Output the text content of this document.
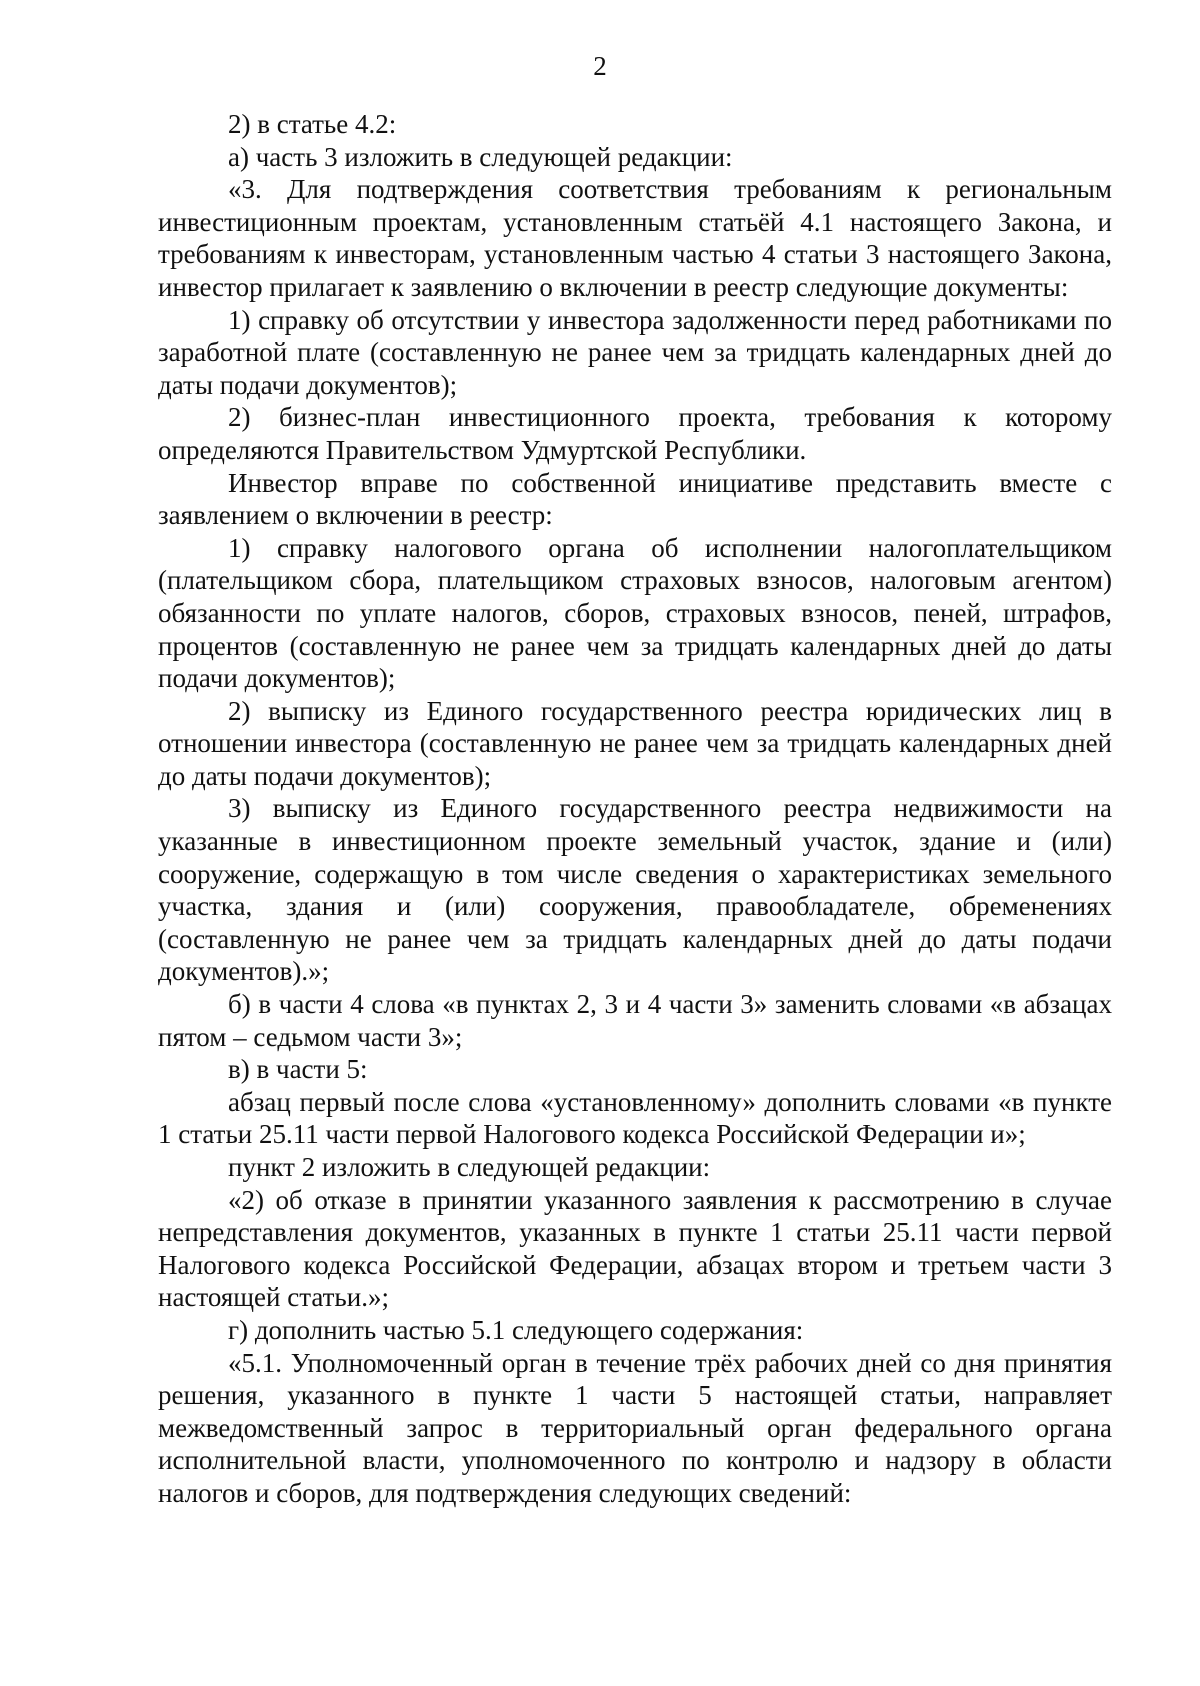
2

2) в статье 4.2:

а) часть 3 изложить в следующей редакции:

«3. Для подтверждения соответствия требованиям к региональным инвестиционным проектам, установленным статьёй 4.1 настоящего Закона, и требованиям к инвесторам, установленным частью 4 статьи 3 настоящего Закона, инвестор прилагает к заявлению о включении в реестр следующие документы:

1) справку об отсутствии у инвестора задолженности перед работниками по заработной плате (составленную не ранее чем за тридцать календарных дней до даты подачи документов);

2) бизнес-план инвестиционного проекта, требования к которому определяются Правительством Удмуртской Республики.

Инвестор вправе по собственной инициативе представить вместе с заявлением о включении в реестр:

1) справку налогового органа об исполнении налогоплательщиком (плательщиком сбора, плательщиком страховых взносов, налоговым агентом) обязанности по уплате налогов, сборов, страховых взносов, пеней, штрафов, процентов (составленную не ранее чем за тридцать календарных дней до даты подачи документов);

2) выписку из Единого государственного реестра юридических лиц в отношении инвестора (составленную не ранее чем за тридцать календарных дней до даты подачи документов);

3) выписку из Единого государственного реестра недвижимости на указанные в инвестиционном проекте земельный участок, здание и (или) сооружение, содержащую в том числе сведения о характеристиках земельного участка, здания и (или) сооружения, правообладателе, обременениях (составленную не ранее чем за тридцать календарных дней до даты подачи документов).»;

б) в части 4 слова «в пунктах 2, 3 и 4 части 3» заменить словами «в абзацах пятом – седьмом части 3»;

в) в части 5:

абзац первый после слова «установленному» дополнить словами «в пункте 1 статьи 25.11 части первой Налогового кодекса Российской Федерации и»;

пункт 2 изложить в следующей редакции:

«2) об отказе в принятии указанного заявления к рассмотрению в случае непредставления документов, указанных в пункте 1 статьи 25.11 части первой Налогового кодекса Российской Федерации, абзацах втором и третьем части 3 настоящей статьи.»;

г) дополнить частью 5.1 следующего содержания:

«5.1. Уполномоченный орган в течение трёх рабочих дней со дня принятия решения, указанного в пункте 1 части 5 настоящей статьи, направляет межведомственный запрос в территориальный орган федерального органа исполнительной власти, уполномоченного по контролю и надзору в области налогов и сборов, для подтверждения следующих сведений:
